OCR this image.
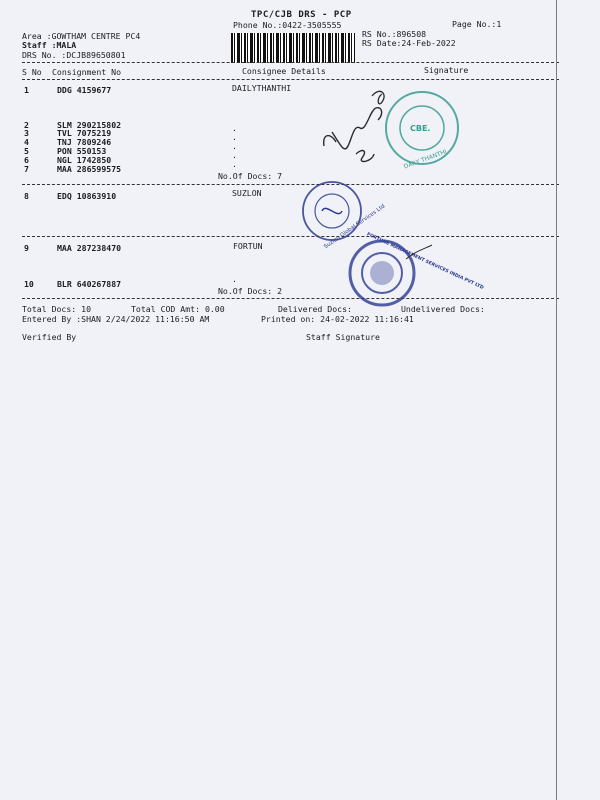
TPC/CJB DRS - PCP
Phone No.:0422-3505555	Page No.:1
Area :GOWTHAM CENTRE PC4
Staff :MALA
DRS No. :DCJB89650801
RS No.:896508
RS Date:24-Feb-2022
S No Consignment No	Consignee Details	Signature
1	DDG 4159677	DAILYTHANTHI
2	SLM 290215802
3	TVL 7075219
4	TNJ 7809246
5	PON 550153
6	NGL 1742850
7	MAA 286599575
.
.
.
.
.
No.Of Docs: 7
8	EDQ 10863910	SUZLON
9	MAA 287238470	FORTUN
10	BLR 640267887	.
No.Of Docs: 2
Total Docs: 10	Total COD Amt: 0.00	Delivered Docs:	Undelivered Docs:
Entered By :SHAN 2/24/2022 11:16:50 AM	Printed on: 24-02-2022 11:16:41
Verified By	Staff Signature
CBE.
DAILY THANTHI
Suzlon Global Services Ltd
FORTUNE MANAGEMENT SERVICES INDIA PVT LTD
